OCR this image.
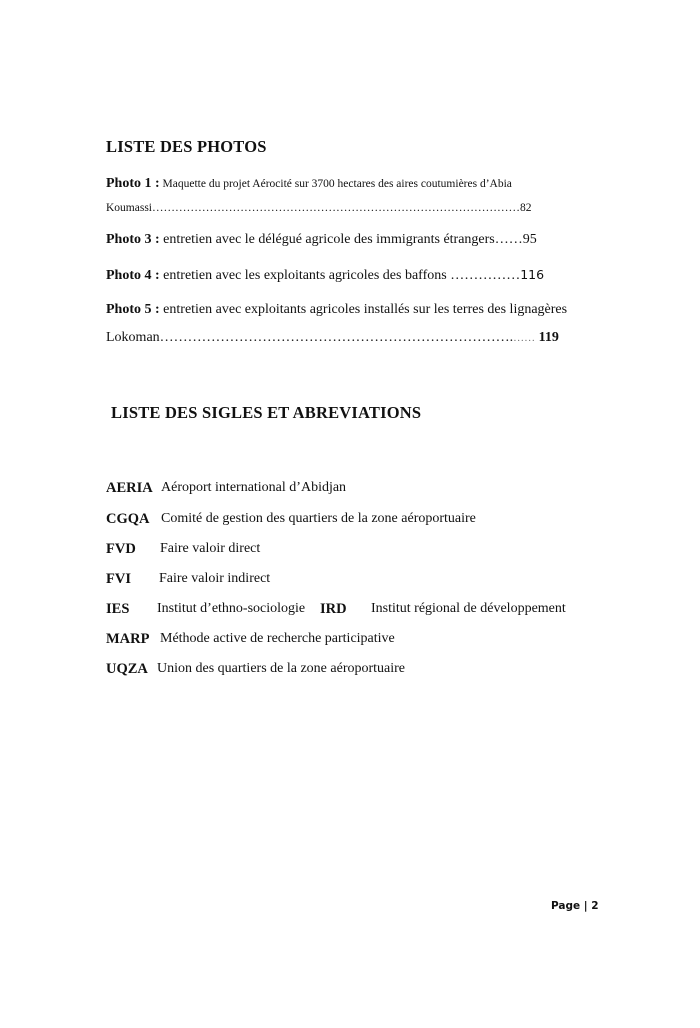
LISTE DES PHOTOS
Photo 1 : Maquette du projet Aérocité sur 3700 hectares des aires coutumières d’Abia
Koumassi……………………………………………………………………………………82
Photo 3 : entretien avec le délégué agricole des immigrants étrangers……95
Photo 4 : entretien avec les exploitants agricoles des baffons ……………116
Photo 5 : entretien avec exploitants agricoles installés sur les terres des lignagères
Lokoman………………………………………………………………….…… 119
LISTE DES SIGLES ET ABREVIATIONS
AERIA Aéroport international d’Abidjan
CGQA Comité de gestion des quartiers de la zone aéroportuaire
FVD Faire valoir direct
FVI Faire valoir indirect
IES Institut d’ethno-sociologie IRD Institut régional de développement
MARP Méthode active de recherche participative
UQZA Union des quartiers de la zone aéroportuaire
Page | 2
